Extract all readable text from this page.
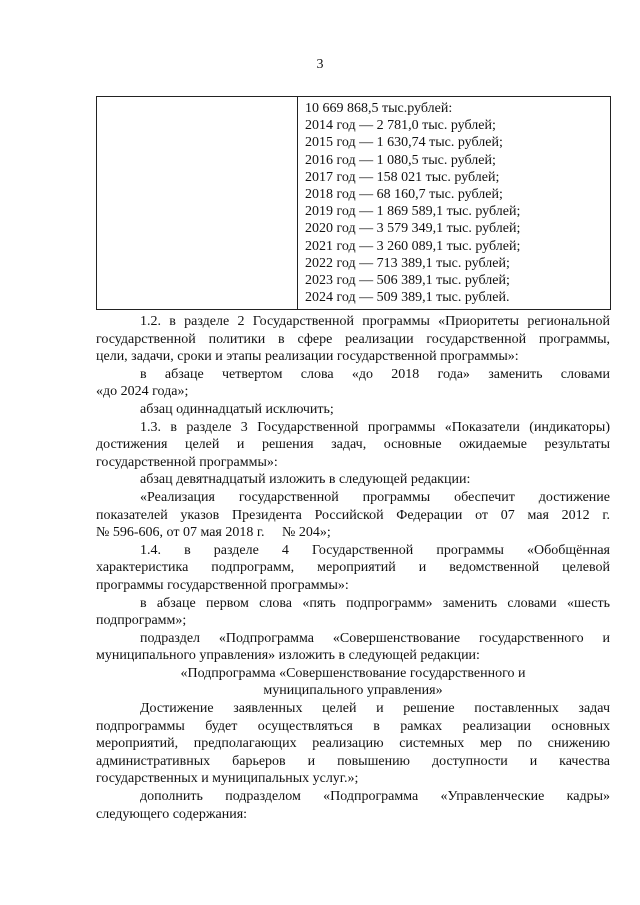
3
10 669 868,5 тыс.рублей:
2014 год — 2 781,0 тыс. рублей;
2015 год — 1 630,74 тыс. рублей;
2016 год — 1 080,5 тыс. рублей;
2017 год — 158 021 тыс. рублей;
2018 год — 68 160,7 тыс. рублей;
2019 год — 1 869 589,1 тыс. рублей;
2020 год — 3 579 349,1 тыс. рублей;
2021 год — 3 260 089,1 тыс. рублей;
2022 год — 713 389,1 тыс. рублей;
2023 год — 506 389,1 тыс. рублей;
2024 год — 509 389,1 тыс. рублей.
1.2. в разделе 2 Государственной программы «Приоритеты региональной
государственной политики в сфере реализации государственной программы,
цели, задачи, сроки и этапы реализации государственной программы»:
в абзаце четвертом слова «до 2018 года» заменить словами
«до 2024 года»;
абзац одиннадцатый исключить;
1.3. в разделе 3 Государственной программы «Показатели (индикаторы)
достижения целей и решения задач, основные ожидаемые результаты
государственной программы»:
абзац девятнадцатый изложить в следующей редакции:
«Реализация государственной программы обеспечит достижение
показателей указов Президента Российской Федерации от 07 мая 2012 г.
№ 596-606, от 07 мая 2018 г.     № 204»;
1.4. в разделе 4 Государственной программы «Обобщённая
характеристика подпрограмм, мероприятий и ведомственной целевой
программы государственной программы»:
в абзаце первом слова «пять подпрограмм» заменить словами «шесть
подпрограмм»;
подраздел «Подпрограмма «Совершенствование государственного и
муниципального управления» изложить в следующей редакции:
«Подпрограмма «Совершенствование государственного и
муниципального управления»
Достижение заявленных целей и решение поставленных задач
подпрограммы будет осуществляться в рамках реализации основных
мероприятий, предполагающих реализацию системных мер по снижению
административных барьеров и повышению доступности и качества
государственных и муниципальных услуг.»;
дополнить подразделом «Подпрограмма «Управленческие кадры»
следующего содержания:
